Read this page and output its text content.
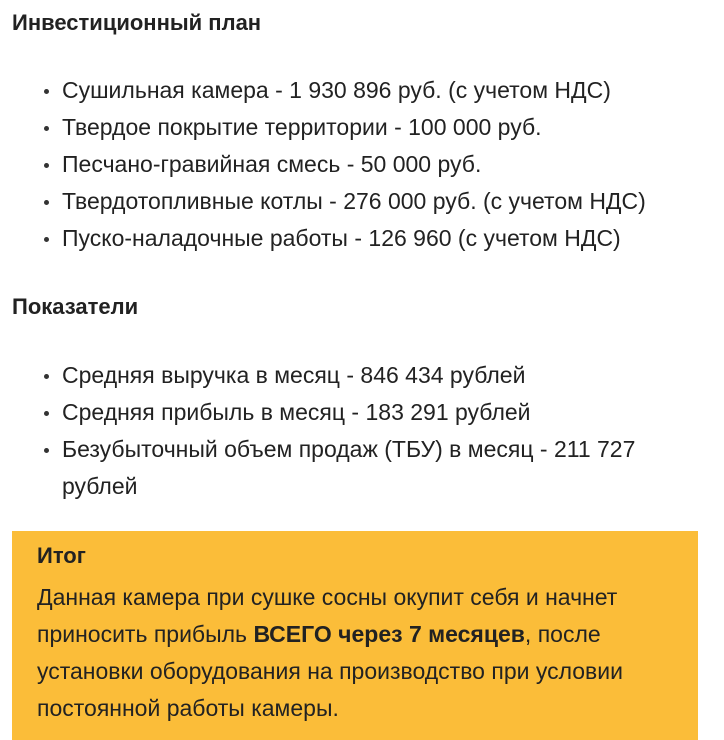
Инвестиционный план
Сушильная камера - 1 930 896 руб. (с учетом НДС)
Твердое покрытие территории - 100 000 руб.
Песчано-гравийная смесь - 50 000 руб.
Твердотопливные котлы - 276 000 руб. (с учетом НДС)
Пуско-наладочные работы - 126 960 (с учетом НДС)
Показатели
Средняя выручка в месяц - 846 434 рублей
Средняя прибыль в месяц - 183 291 рублей
Безубыточный объем продаж (ТБУ) в месяц - 211 727 рублей
Итог

Данная камера при сушке сосны окупит себя и начнет приносить прибыль ВСЕГО через 7 месяцев, после установки оборудования на производство при условии постоянной работы камеры.
